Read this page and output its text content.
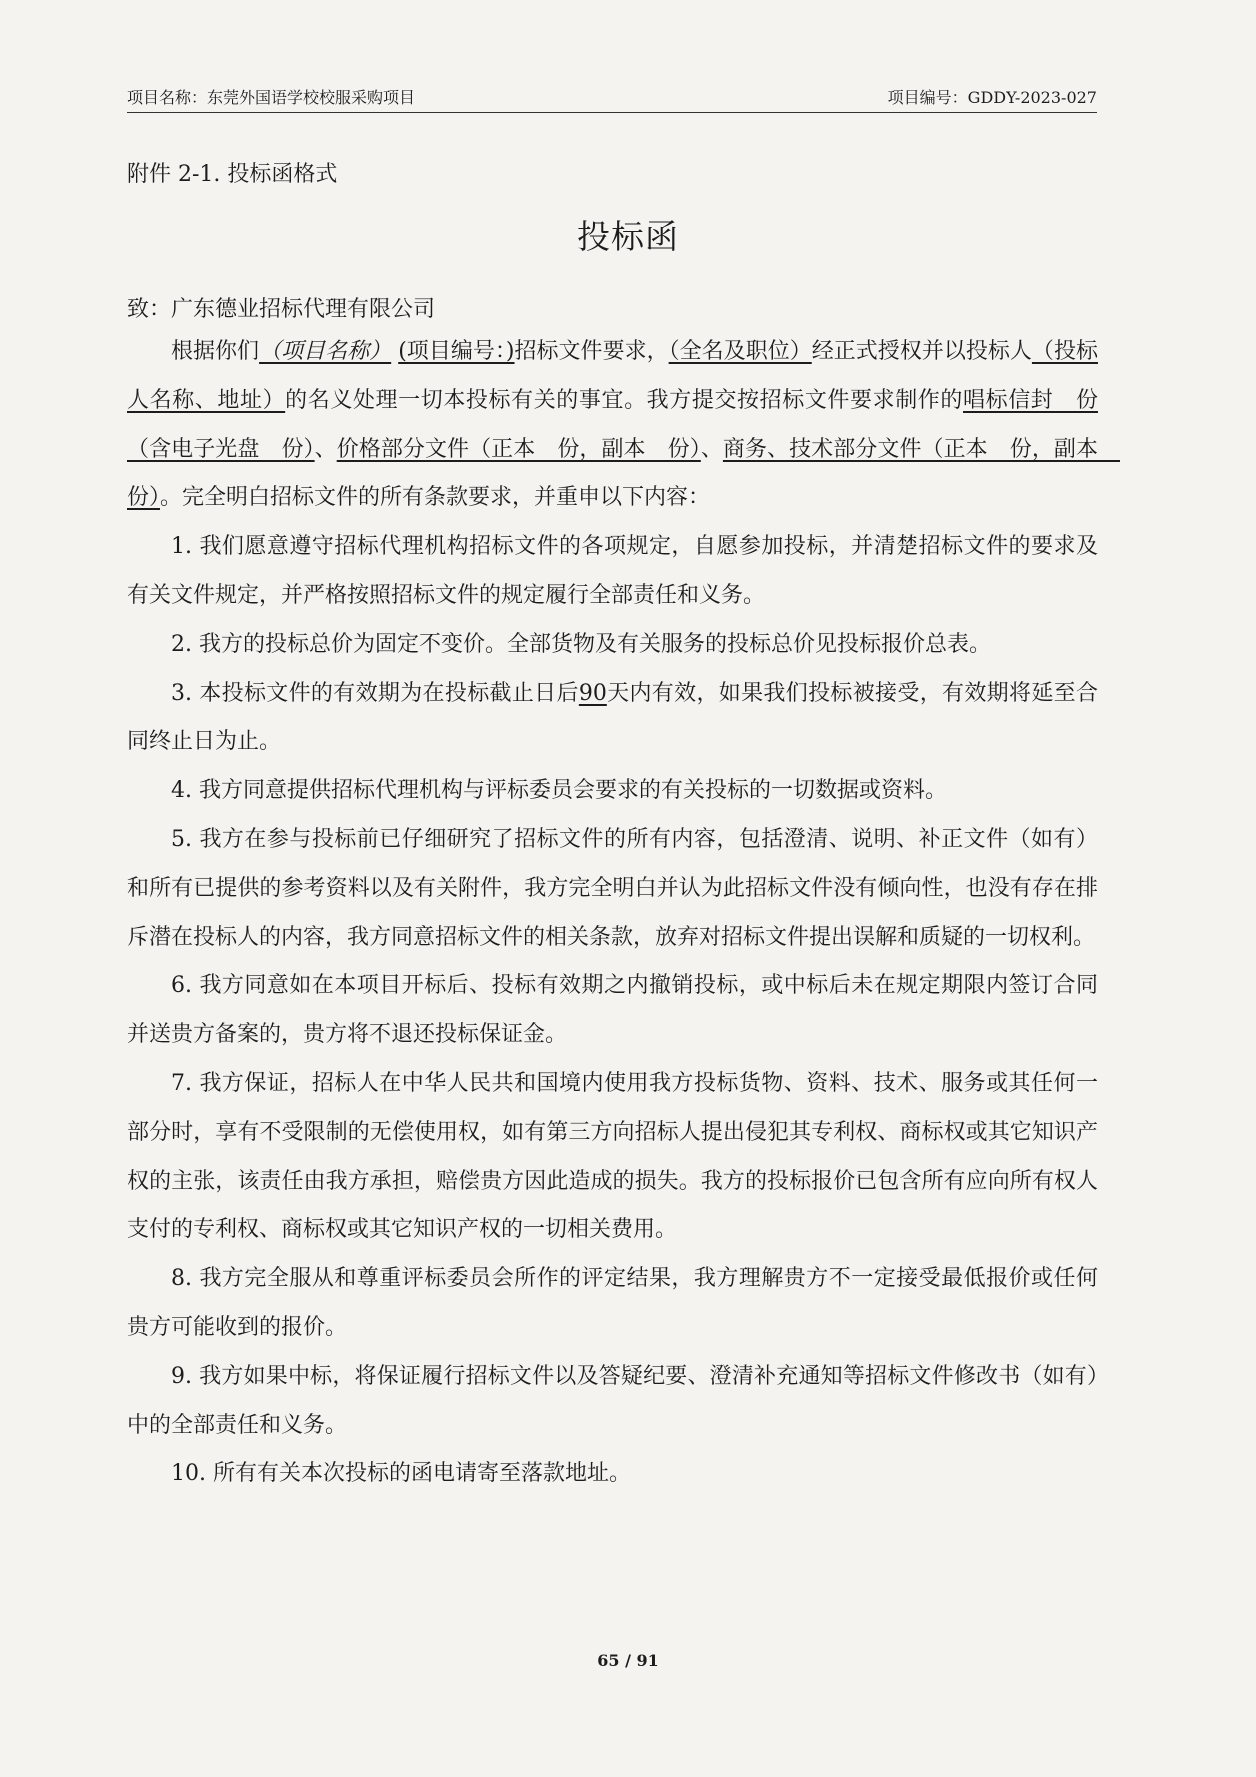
项目名称：东莞外国语学校校服采购项目	项目编号：GDDY-2023-027
附件 2-1. 投标函格式
投标函
致：广东德业招标代理有限公司

根据你们（项目名称） (项目编号：)招标文件要求，（全名及职位）经正式授权并以投标人（投标人名称、地址）的名义处理一切本投标有关的事宜。我方提交按招标文件要求制作的唱标信封　份（含电子光盘　份）、价格部分文件（正本　份，副本　份）、商务、技术部分文件（正本　份，副本　份）。完全明白招标文件的所有条款要求，并重申以下内容：

1. 我们愿意遵守招标代理机构招标文件的各项规定，自愿参加投标，并清楚招标文件的要求及有关文件规定，并严格按照招标文件的规定履行全部责任和义务。

2. 我方的投标总价为固定不变价。全部货物及有关服务的投标总价见投标报价总表。

3. 本投标文件的有效期为在投标截止日后90天内有效，如果我们投标被接受，有效期将延至合同终止日为止。

4. 我方同意提供招标代理机构与评标委员会要求的有关投标的一切数据或资料。

5. 我方在参与投标前已仔细研究了招标文件的所有内容，包括澄清、说明、补正文件（如有）和所有已提供的参考资料以及有关附件，我方完全明白并认为此招标文件没有倾向性，也没有存在排斥潜在投标人的内容，我方同意招标文件的相关条款，放弃对招标文件提出误解和质疑的一切权利。

6. 我方同意如在本项目开标后、投标有效期之内撤销投标，或中标后未在规定期限内签订合同并送贵方备案的，贵方将不退还投标保证金。

7. 我方保证，招标人在中华人民共和国境内使用我方投标货物、资料、技术、服务或其任何一部分时，享有不受限制的无偿使用权，如有第三方向招标人提出侵犯其专利权、商标权或其它知识产权的主张，该责任由我方承担，赔偿贵方因此造成的损失。我方的投标报价已包含所有应向所有权人支付的专利权、商标权或其它知识产权的一切相关费用。

8. 我方完全服从和尊重评标委员会所作的评定结果，我方理解贵方不一定接受最低报价或任何贵方可能收到的报价。

9. 我方如果中标，将保证履行招标文件以及答疑纪要、澄清补充通知等招标文件修改书（如有）中的全部责任和义务。

10. 所有有关本次投标的函电请寄至落款地址。

65 / 91
